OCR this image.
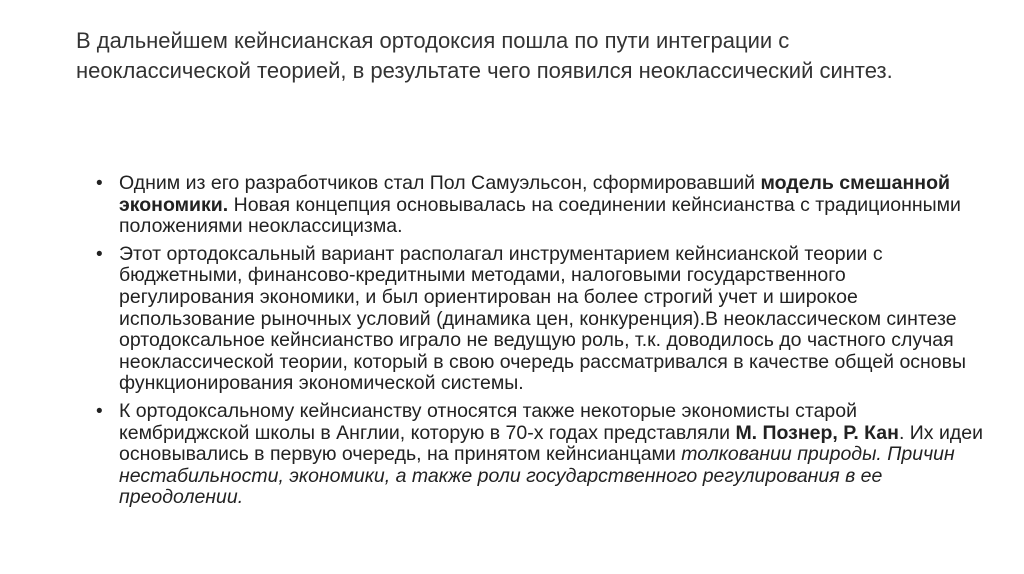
В дальнейшем кейнсианская ортодоксия пошла по пути интеграции с неоклассической теорией, в результате чего появился неоклассический синтез.
• Одним из его разработчиков стал Пол Самуэльсон, сформировавший модель смешанной экономики. Новая концепция основывалась на соединении кейнсианства с традиционными положениями неоклассицизма.
• Этот ортодоксальный вариант располагал инструментарием кейнсианской теории с бюджетными, финансово-кредитными методами, налоговыми государственного регулирования экономики, и был ориентирован на более строгий учет и широкое использование рыночных условий (динамика цен, конкуренция).В неоклассическом синтезе ортодоксальное кейнсианство играло не ведущую роль, т.к. доводилось до частного случая неоклассической теории, который в свою очередь рассматривался в качестве общей основы функционирования экономической системы.
• К ортодоксальному кейнсианству относятся также некоторые экономисты старой кембриджской школы в Англии, которую в 70-х годах представляли М. Познер, Р. Кан. Их идеи основывались в первую очередь, на принятом кейнсианцами толковании природы. Причин нестабильности, экономики, а также роли государственного регулирования в ее преодолении.
